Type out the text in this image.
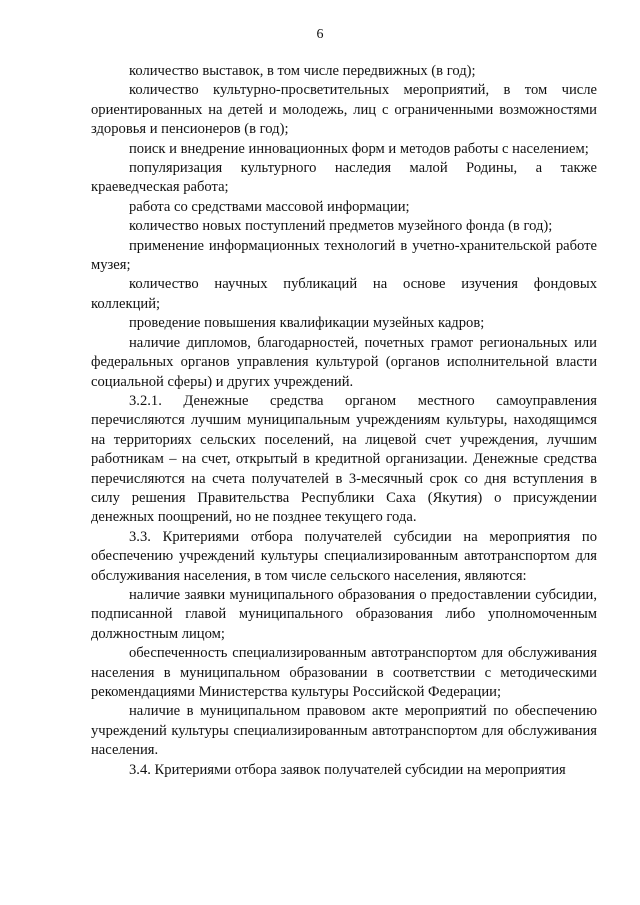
6

количество выставок, в том числе передвижных (в год);

количество культурно-просветительных мероприятий, в том числе ориентированных на детей и молодежь, лиц с ограниченными возможностями здоровья и пенсионеров (в год);

поиск и внедрение инновационных форм и методов работы с населением;

популяризация культурного наследия малой Родины, а также краеведческая работа;

работа со средствами массовой информации;

количество новых поступлений предметов музейного фонда (в год);

применение информационных технологий в учетно-хранительской работе музея;

количество научных публикаций на основе изучения фондовых коллекций;

проведение повышения квалификации музейных кадров;

наличие дипломов, благодарностей, почетных грамот региональных или федеральных органов управления культурой (органов исполнительной власти социальной сферы) и других учреждений.

3.2.1. Денежные средства органом местного самоуправления перечисляются лучшим муниципальным учреждениям культуры, находящимся на территориях сельских поселений, на лицевой счет учреждения, лучшим работникам – на счет, открытый в кредитной организации. Денежные средства перечисляются на счета получателей в 3-месячный срок со дня вступления в силу решения Правительства Республики Саха (Якутия) о присуждении денежных поощрений, но не позднее текущего года.

3.3. Критериями отбора получателей субсидии на мероприятия по обеспечению учреждений культуры специализированным автотранспортом для обслуживания населения, в том числе сельского населения, являются:

наличие заявки муниципального образования о предоставлении субсидии, подписанной главой муниципального образования либо уполномоченным должностным лицом;

обеспеченность специализированным автотранспортом для обслуживания населения в муниципальном образовании в соответствии с методическими рекомендациями Министерства культуры Российской Федерации;

наличие в муниципальном правовом акте мероприятий по обеспечению учреждений культуры специализированным автотранспортом для обслуживания населения.

3.4. Критериями отбора заявок получателей субсидии на мероприятия
